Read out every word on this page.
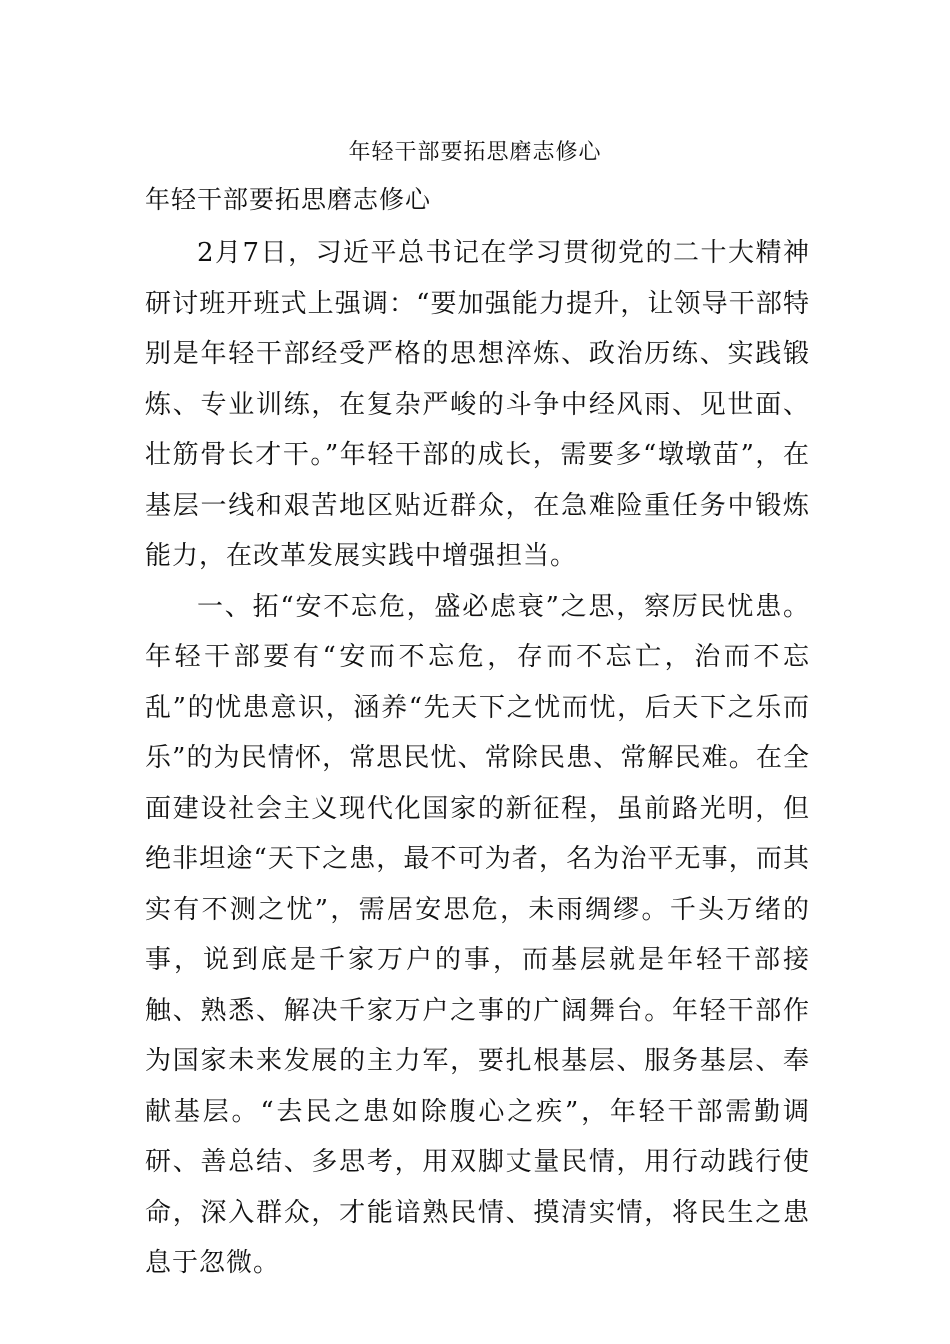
年轻干部要拓思磨志修心
年轻干部要拓思磨志修心

2月7日，习近平总书记在学习贯彻党的二十大精神研讨班开班式上强调：“要加强能力提升，让领导干部特别是年轻干部经受严格的思想淬炼、政治历练、实践锻炼、专业训练，在复杂严峻的斗争中经风雨、见世面、壮筋骨长才干。”年轻干部的成长，需要多“墩墩苗”，在基层一线和艰苦地区贴近群众，在急难险重任务中锻炼能力，在改革发展实践中增强担当。

一、拓“安不忘危，盛必虑衰”之思，察厉民忧患。年轻干部要有“安而不忘危，存而不忘亡，治而不忘乱”的忧患意识，涵养“先天下之忧而忧，后天下之乐而乐”的为民情怀，常思民忧、常除民患、常解民难。在全面建设社会主义现代化国家的新征程，虽前路光明，但绝非坦途“天下之患，最不可为者，名为治平无事，而其实有不测之忧”，需居安思危，未雨绸缪。千头万绪的事，说到底是千家万户的事，而基层就是年轻干部接触、熟悉、解决千家万户之事的广阔舞台。年轻干部作为国家未来发展的主力军，要扎根基层、服务基层、奉献基层。“去民之患如除腹心之疾”，年轻干部需勤调研、善总结、多思考，用双脚丈量民情，用行动践行使命，深入群众，才能谙熟民情、摸清实情，将民生之患息于忽微。
